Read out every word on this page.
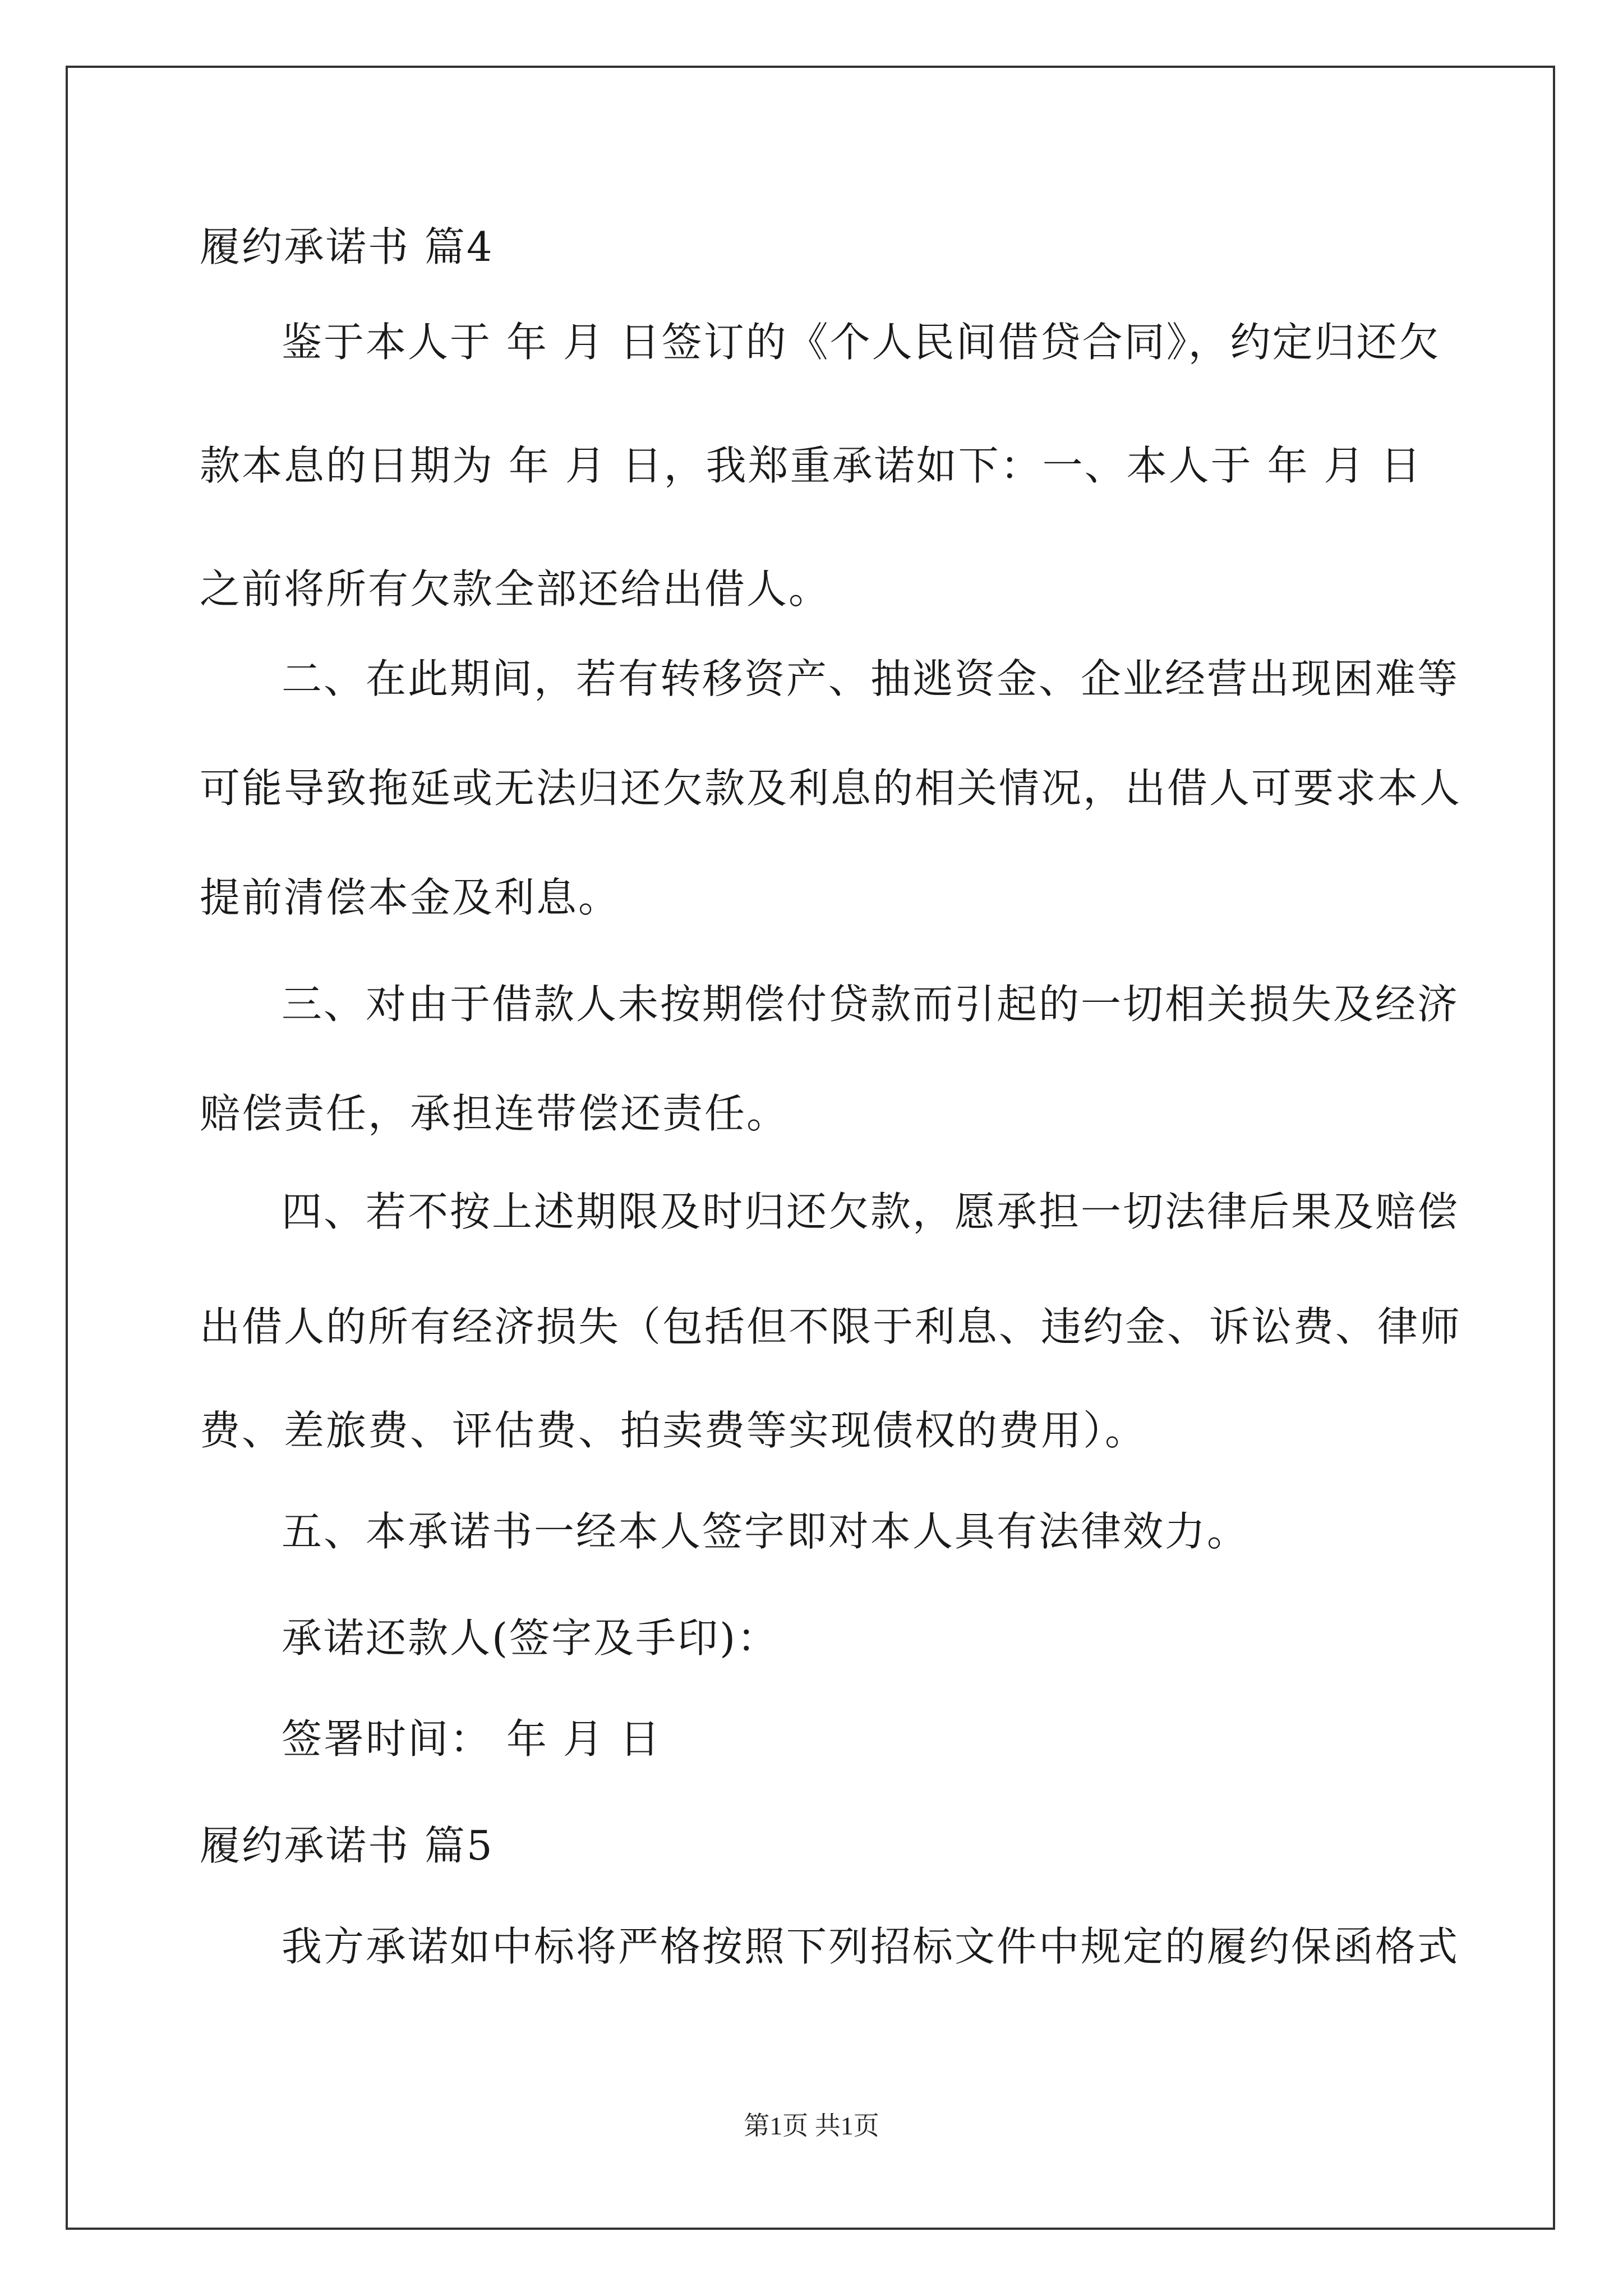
履约承诺书 篇4
鉴于本人于 年 月 日签订的《个人民间借贷合同》，约定归还欠
款本息的日期为 年 月 日，我郑重承诺如下：一、本人于 年 月 日
之前将所有欠款全部还给出借人。
二、在此期间，若有转移资产、抽逃资金、企业经营出现困难等
可能导致拖延或无法归还欠款及利息的相关情况，出借人可要求本人
提前清偿本金及利息。
三、对由于借款人未按期偿付贷款而引起的一切相关损失及经济
赔偿责任，承担连带偿还责任。
四、若不按上述期限及时归还欠款，愿承担一切法律后果及赔偿
出借人的所有经济损失（包括但不限于利息、违约金、诉讼费、律师
费、差旅费、评估费、拍卖费等实现债权的费用）。
五、本承诺书一经本人签字即对本人具有法律效力。
承诺还款人(签字及手印)：
签署时间： 年 月 日
履约承诺书 篇5
我方承诺如中标将严格按照下列招标文件中规定的履约保函格式
第1页 共1页
